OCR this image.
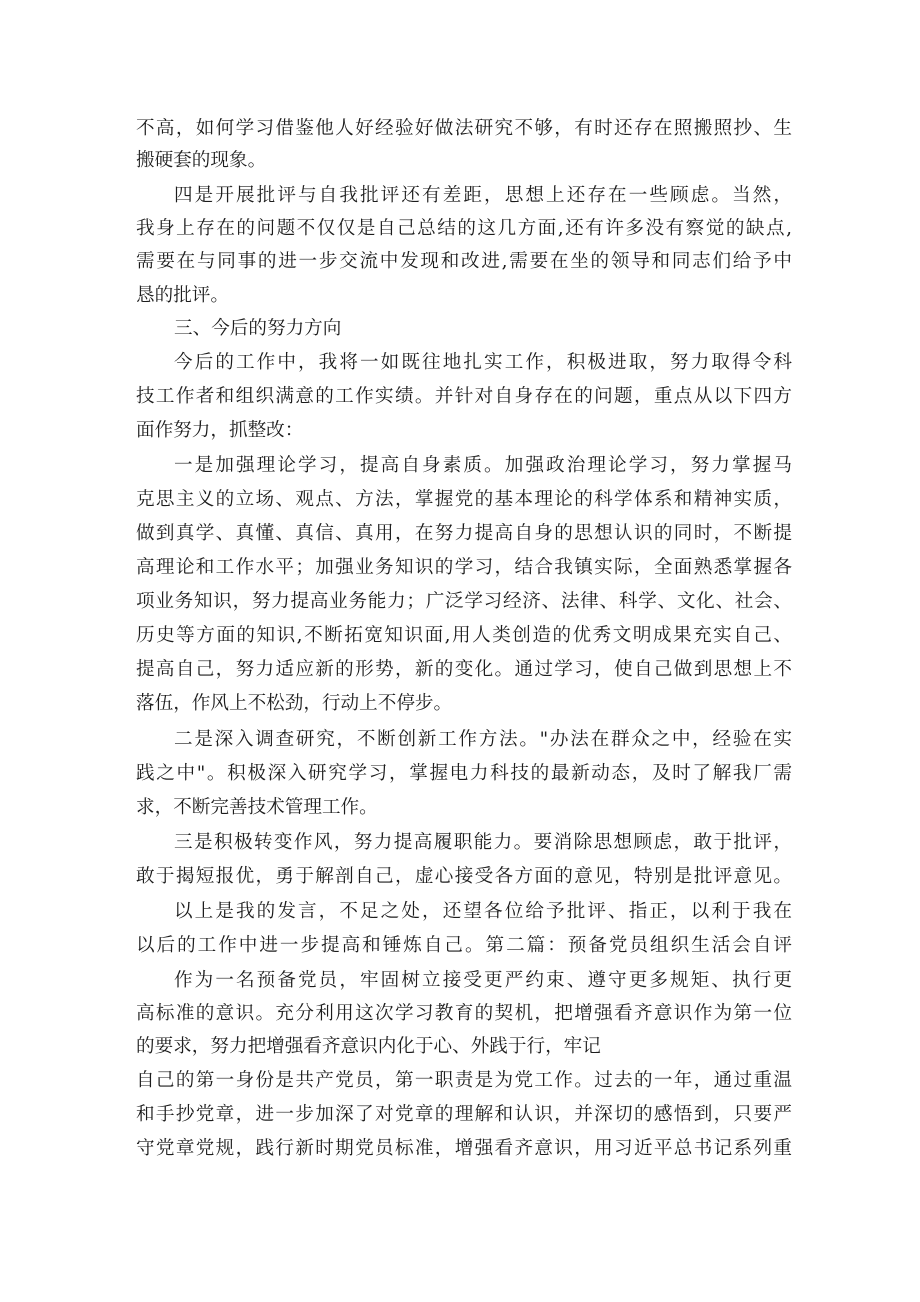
不高，如何学习借鉴他人好经验好做法研究不够，有时还存在照搬照抄、生
搬硬套的现象。
四是开展批评与自我批评还有差距，思想上还存在一些顾虑。当然，
我身上存在的问题不仅仅是自己总结的这几方面,还有许多没有察觉的缺点,
需要在与同事的进一步交流中发现和改进,需要在坐的领导和同志们给予中
恳的批评。
三、今后的努力方向
今后的工作中，我将一如既往地扎实工作，积极进取，努力取得令科
技工作者和组织满意的工作实绩。并针对自身存在的问题，重点从以下四方
面作努力，抓整改：
一是加强理论学习，提高自身素质。加强政治理论学习，努力掌握马
克思主义的立场、观点、方法，掌握党的基本理论的科学体系和精神实质，
做到真学、真懂、真信、真用，在努力提高自身的思想认识的同时，不断提
高理论和工作水平；加强业务知识的学习，结合我镇实际，全面熟悉掌握各
项业务知识，努力提高业务能力；广泛学习经济、法律、科学、文化、社会、
历史等方面的知识,不断拓宽知识面,用人类创造的优秀文明成果充实自己、
提高自己，努力适应新的形势，新的变化。通过学习，使自己做到思想上不
落伍，作风上不松劲，行动上不停步。
二是深入调查研究，不断创新工作方法。"办法在群众之中，经验在实
践之中"。积极深入研究学习，掌握电力科技的最新动态，及时了解我厂需
求，不断完善技术管理工作。
三是积极转变作风，努力提高履职能力。要消除思想顾虑，敢于批评，
敢于揭短报优，勇于解剖自己，虚心接受各方面的意见，特别是批评意见。
以上是我的发言，不足之处，还望各位给予批评、指正，以利于我在
以后的工作中进一步提高和锤炼自己。第二篇：预备党员组织生活会自评
作为一名预备党员，牢固树立接受更严约束、遵守更多规矩、执行更
高标准的意识。充分利用这次学习教育的契机，把增强看齐意识作为第一位
的要求，努力把增强看齐意识内化于心、外践于行，牢记
自己的第一身份是共产党员，第一职责是为党工作。过去的一年，通过重温
和手抄党章，进一步加深了对党章的理解和认识，并深切的感悟到，只要严
守党章党规，践行新时期党员标准，增强看齐意识，用习近平总书记系列重
